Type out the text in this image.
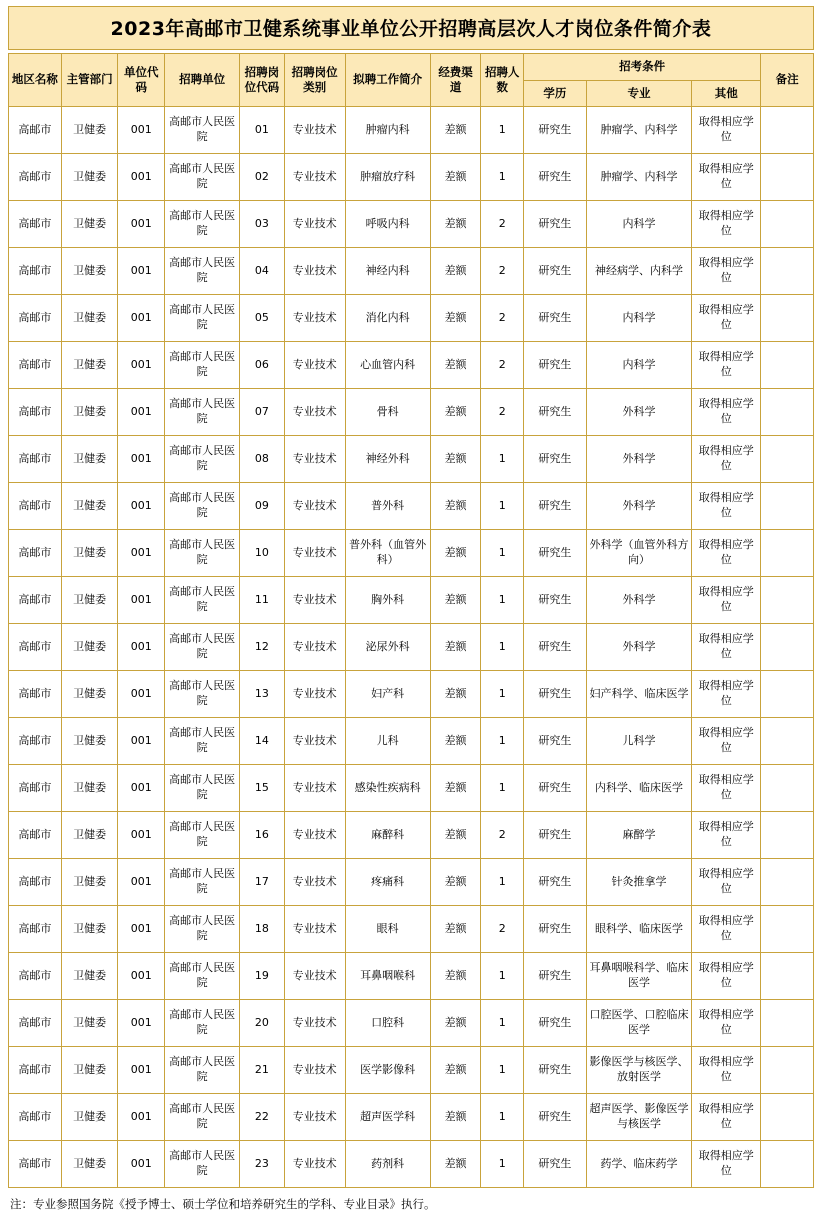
2023年高邮市卫健系统事业单位公开招聘高层次人才岗位条件简介表
地区名称	主管部门	单位代码	招聘单位	招聘岗位代码	招聘岗位类别	拟聘工作简介	经费渠道	招聘人数	招考条件			备注
									学历	专业	其他	
高邮市	卫健委	001	高邮市人民医院	01	专业技术	肿瘤内科	差额	1	研究生	肿瘤学、内科学	取得相应学位	
高邮市	卫健委	001	高邮市人民医院	02	专业技术	肿瘤放疗科	差额	1	研究生	肿瘤学、内科学	取得相应学位	
高邮市	卫健委	001	高邮市人民医院	03	专业技术	呼吸内科	差额	2	研究生	内科学	取得相应学位	
高邮市	卫健委	001	高邮市人民医院	04	专业技术	神经内科	差额	2	研究生	神经病学、内科学	取得相应学位	
高邮市	卫健委	001	高邮市人民医院	05	专业技术	消化内科	差额	2	研究生	内科学	取得相应学位	
高邮市	卫健委	001	高邮市人民医院	06	专业技术	心血管内科	差额	2	研究生	内科学	取得相应学位	
高邮市	卫健委	001	高邮市人民医院	07	专业技术	骨科	差额	2	研究生	外科学	取得相应学位	
高邮市	卫健委	001	高邮市人民医院	08	专业技术	神经外科	差额	1	研究生	外科学	取得相应学位	
高邮市	卫健委	001	高邮市人民医院	09	专业技术	普外科	差额	1	研究生	外科学	取得相应学位	
高邮市	卫健委	001	高邮市人民医院	10	专业技术	普外科（血管外科）	差额	1	研究生	外科学（血管外科方向）	取得相应学位	
高邮市	卫健委	001	高邮市人民医院	11	专业技术	胸外科	差额	1	研究生	外科学	取得相应学位	
高邮市	卫健委	001	高邮市人民医院	12	专业技术	泌尿外科	差额	1	研究生	外科学	取得相应学位	
高邮市	卫健委	001	高邮市人民医院	13	专业技术	妇产科	差额	1	研究生	妇产科学、临床医学	取得相应学位	
高邮市	卫健委	001	高邮市人民医院	14	专业技术	儿科	差额	1	研究生	儿科学	取得相应学位	
高邮市	卫健委	001	高邮市人民医院	15	专业技术	感染性疾病科	差额	1	研究生	内科学、临床医学	取得相应学位	
高邮市	卫健委	001	高邮市人民医院	16	专业技术	麻醉科	差额	2	研究生	麻醉学	取得相应学位	
高邮市	卫健委	001	高邮市人民医院	17	专业技术	疼痛科	差额	1	研究生	针灸推拿学	取得相应学位	
高邮市	卫健委	001	高邮市人民医院	18	专业技术	眼科	差额	2	研究生	眼科学、临床医学	取得相应学位	
高邮市	卫健委	001	高邮市人民医院	19	专业技术	耳鼻咽喉科	差额	1	研究生	耳鼻咽喉科学、临床医学	取得相应学位	
高邮市	卫健委	001	高邮市人民医院	20	专业技术	口腔科	差额	1	研究生	口腔医学、口腔临床医学	取得相应学位	
高邮市	卫健委	001	高邮市人民医院	21	专业技术	医学影像科	差额	1	研究生	影像医学与核医学、放射医学	取得相应学位	
高邮市	卫健委	001	高邮市人民医院	22	专业技术	超声医学科	差额	1	研究生	超声医学、影像医学与核医学	取得相应学位	
高邮市	卫健委	001	高邮市人民医院	23	专业技术	药剂科	差额	1	研究生	药学、临床药学	取得相应学位	
注：专业参照国务院《授予博士、硕士学位和培养研究生的学科、专业目录》执行。
